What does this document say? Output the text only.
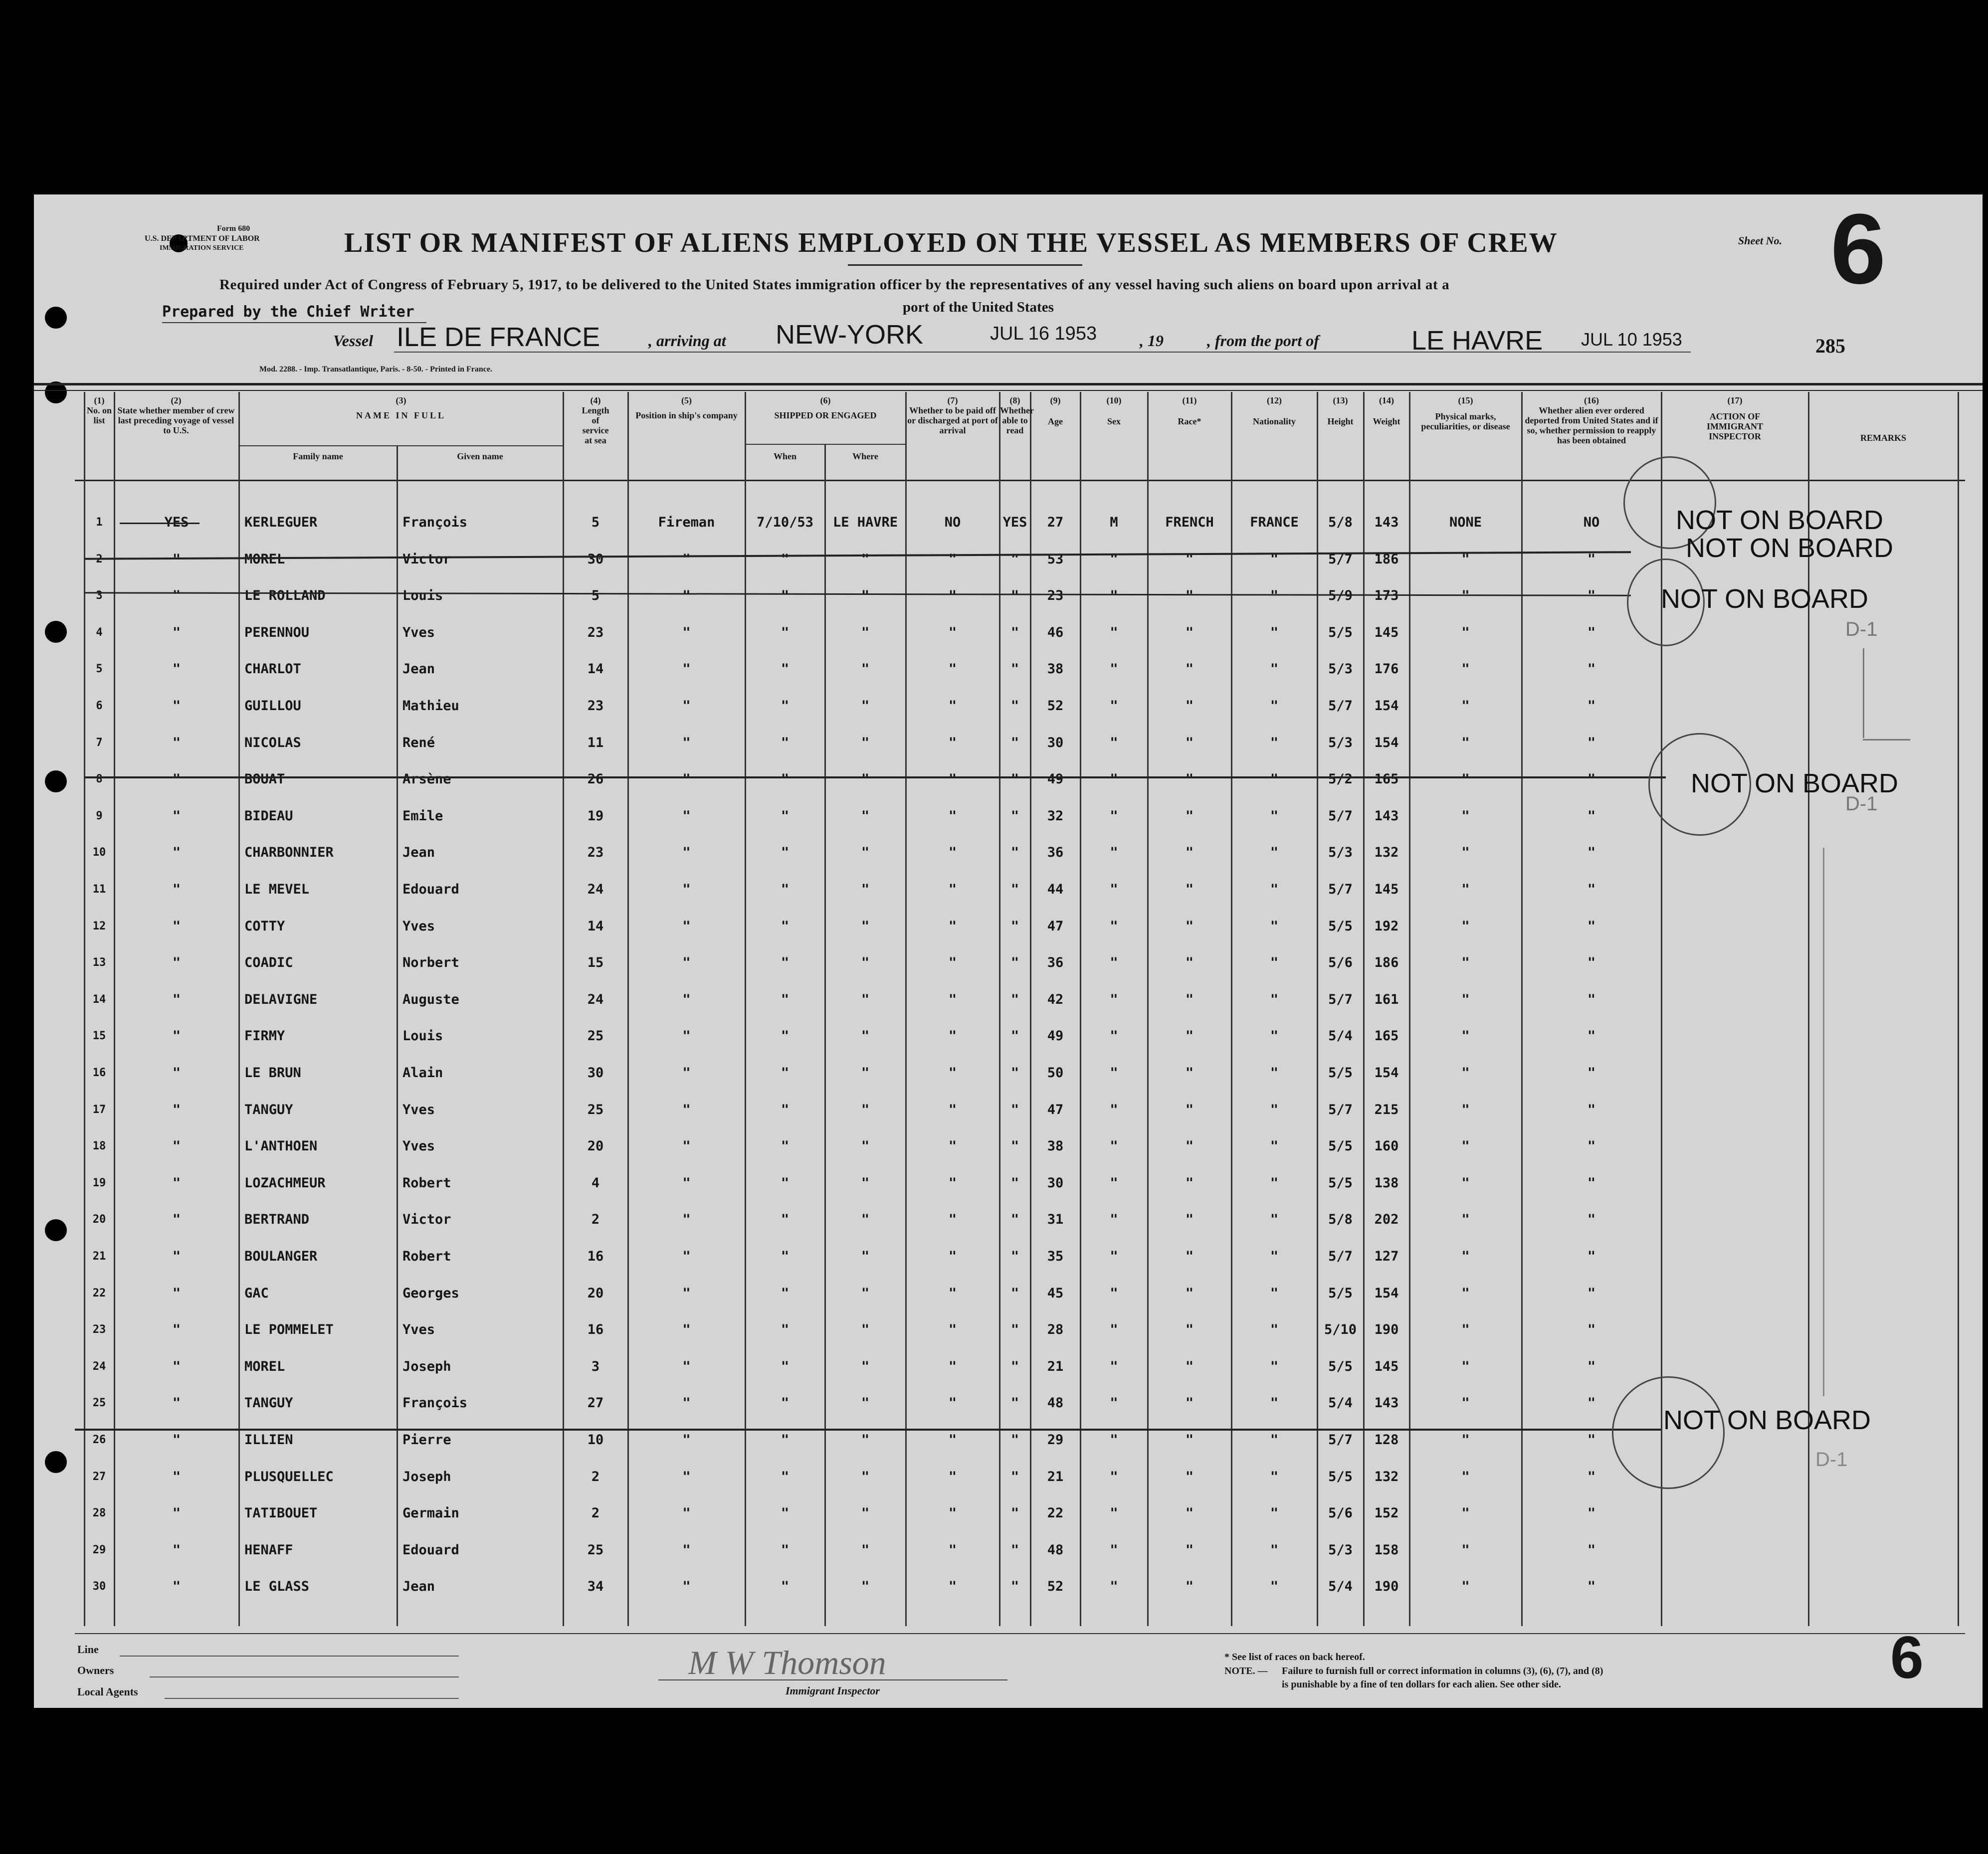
Form 680
U.S. DEPARTMENT OF LABOR
IMMIGRATION SERVICE	LIST OR MANIFEST OF ALIENS EMPLOYED ON THE VESSEL AS MEMBERS OF CREW	Sheet No. 6
Required under Act of Congress of February 5, 1917, to be delivered to the United States immigration officer by the representatives of any vessel having such aliens on board upon arrival at a
port of the United States
Prepared by the Chief Writer
Vessel ILE DE FRANCE	, arriving at NEW-YORK	JUL 16 1953	, 19	, from the port of	LE HAVRE JUL 10 1953	285
Mod. 2288. - Imp. Transatlantique, Paris. - 8-50. - Printed in France.
(1)
No. on list
(2)
State whether member of crew last preceding voyage of vessel to U.S.
(3)
NAME IN FULL
Family name	Given name
(4)
Length of service at sea
(5)
Position in ship's company
(6)
SHIPPED OR ENGAGED
When	Where
(7)
Whether to be paid off or discharged at port of arrival
(8)
Whether able to read
(9)
Age
(10)
Sex
(11)
Race*
(12)
Nationality
(13)
Height
(14)
Weight
(15)
Physical marks, peculiarities, or disease
(16)
Whether alien ever ordered deported from United States and if so, whether permission to reapply has been obtained
(17)
ACTION OF IMMIGRANT INSPECTOR	REMARKS
1	YES	KERLEGUER	François	5	Fireman	7/10/53	LE HAVRE	NO	YES	27	M	FRENCH	FRANCE	5/8	143	NONE	NO
2	"	MOREL	Victor	30	"	"	"	"	"	53	"	"	"	5/7	186	"	"
3	"	LE ROLLAND	Louis	5	"	"	"	"	"	23	"	"	"	5/9	173	"	"
4	"	PERENNOU	Yves	23	"	"	"	"	"	46	"	"	"	5/5	145	"	"
5	"	CHARLOT	Jean	14	"	"	"	"	"	38	"	"	"	5/3	176	"	"
6	"	GUILLOU	Mathieu	23	"	"	"	"	"	52	"	"	"	5/7	154	"	"
7	"	NICOLAS	René	11	"	"	"	"	"	30	"	"	"	5/3	154	"	"
8	"	BOUAT	Arsène	26	"	"	"	"	"	49	"	"	"	5/2	165	"	"
9	"	BIDEAU	Emile	19	"	"	"	"	"	32	"	"	"	5/7	143	"	"
10	"	CHARBONNIER	Jean	23	"	"	"	"	"	36	"	"	"	5/3	132	"	"
11	"	LE MEVEL	Edouard	24	"	"	"	"	"	44	"	"	"	5/7	145	"	"
12	"	COTTY	Yves	14	"	"	"	"	"	47	"	"	"	5/5	192	"	"
13	"	COADIC	Norbert	15	"	"	"	"	"	36	"	"	"	5/6	186	"	"
14	"	DELAVIGNE	Auguste	24	"	"	"	"	"	42	"	"	"	5/7	161	"	"
15	"	FIRMY	Louis	25	"	"	"	"	"	49	"	"	"	5/4	165	"	"
16	"	LE BRUN	Alain	30	"	"	"	"	"	50	"	"	"	5/5	154	"	"
17	"	TANGUY	Yves	25	"	"	"	"	"	47	"	"	"	5/7	215	"	"
18	"	L'ANTHOEN	Yves	20	"	"	"	"	"	38	"	"	"	5/5	160	"	"
19	"	LOZACHMEUR	Robert	4	"	"	"	"	"	30	"	"	"	5/5	138	"	"
20	"	BERTRAND	Victor	2	"	"	"	"	"	31	"	"	"	5/8	202	"	"
21	"	BOULANGER	Robert	16	"	"	"	"	"	35	"	"	"	5/7	127	"	"
22	"	GAC	Georges	20	"	"	"	"	"	45	"	"	"	5/5	154	"	"
23	"	LE POMMELET	Yves	16	"	"	"	"	"	28	"	"	"	5/10	190	"	"
24	"	MOREL	Joseph	3	"	"	"	"	"	21	"	"	"	5/5	145	"	"
25	"	TANGUY	François	27	"	"	"	"	"	48	"	"	"	5/4	143	"	"
26	"	ILLIEN	Pierre	10	"	"	"	"	"	29	"	"	"	5/7	128	"	"
27	"	PLUSQUELLEC	Joseph	2	"	"	"	"	"	21	"	"	"	5/5	132	"	"
28	"	TATIBOUET	Germain	2	"	"	"	"	"	22	"	"	"	5/6	152	"	"
29	"	HENAFF	Edouard	25	"	"	"	"	"	48	"	"	"	5/3	158	"	"
30	"	LE GLASS	Jean	34	"	"	"	"	"	52	"	"	"	5/4	190	"	"
NOT ON BOARD
NOT ON BOARD
NOT ON BOARD
NOT ON BOARD
NOT ON BOARD
D-1
D-1
D-1
Line
Owners
Local Agents
M W Thomson
Immigrant Inspector
* See list of races on back hereof.
NOTE. — Failure to furnish full or correct information in columns (3), (6), (7), and (8)
is punishable by a fine of ten dollars for each alien. See other side.	6
